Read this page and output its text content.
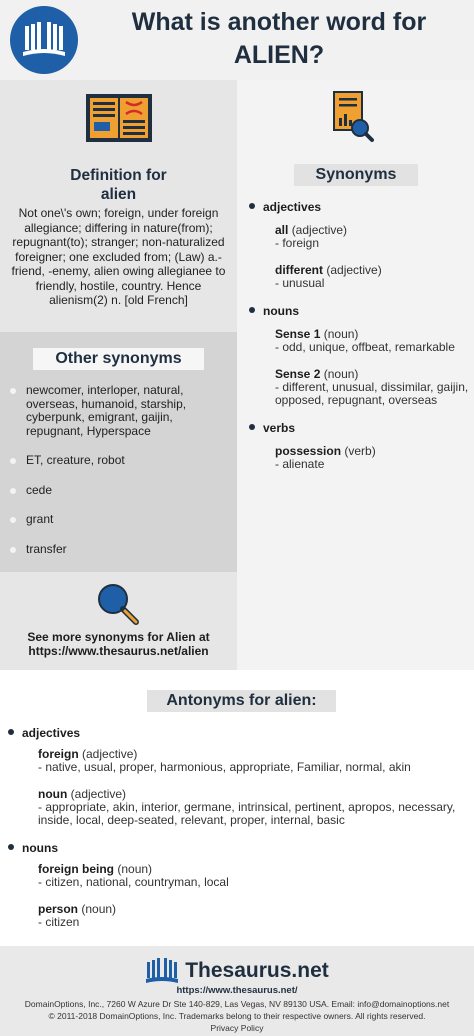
What is another word for
ALIEN?
Definition for
alien
Not one\'s own; foreign, under foreign allegiance; differing in nature(from); repugnant(to); stranger; non-naturalized foreigner; one excluded from; (Law) a.-friend, -enemy, alien owing allegianee to friendly, hostile, country. Hence alienism(2) n. [old French]
Other synonyms
newcomer, interloper, natural, overseas, humanoid, starship, cyberpunk, emigrant, gaijin, repugnant, Hyperspace
ET, creature, robot
cede
grant
transfer
See more synonyms for Alien at
https://www.thesaurus.net/alien
Synonyms
adjectives
all (adjective)
- foreign
different (adjective)
- unusual
nouns
Sense 1 (noun)
- odd, unique, offbeat, remarkable
Sense 2 (noun)
- different, unusual, dissimilar, gaijin, opposed, repugnant, overseas
verbs
possession (verb)
- alienate
Antonyms for alien:
adjectives
foreign (adjective)
- native, usual, proper, harmonious, appropriate, Familiar, normal, akin
noun (adjective)
- appropriate, akin, interior, germane, intrinsical, pertinent, apropos, necessary, inside, local, deep-seated, relevant, proper, internal, basic
nouns
foreign being (noun)
- citizen, national, countryman, local
person (noun)
- citizen
Thesaurus.net
https://www.thesaurus.net/
DomainOptions, Inc., 7260 W Azure Dr Ste 140-829, Las Vegas, NV 89130 USA. Email: info@domainoptions.net
© 2011-2018 DomainOptions, Inc. Trademarks belong to their respective owners. All rights reserved.
Privacy Policy
